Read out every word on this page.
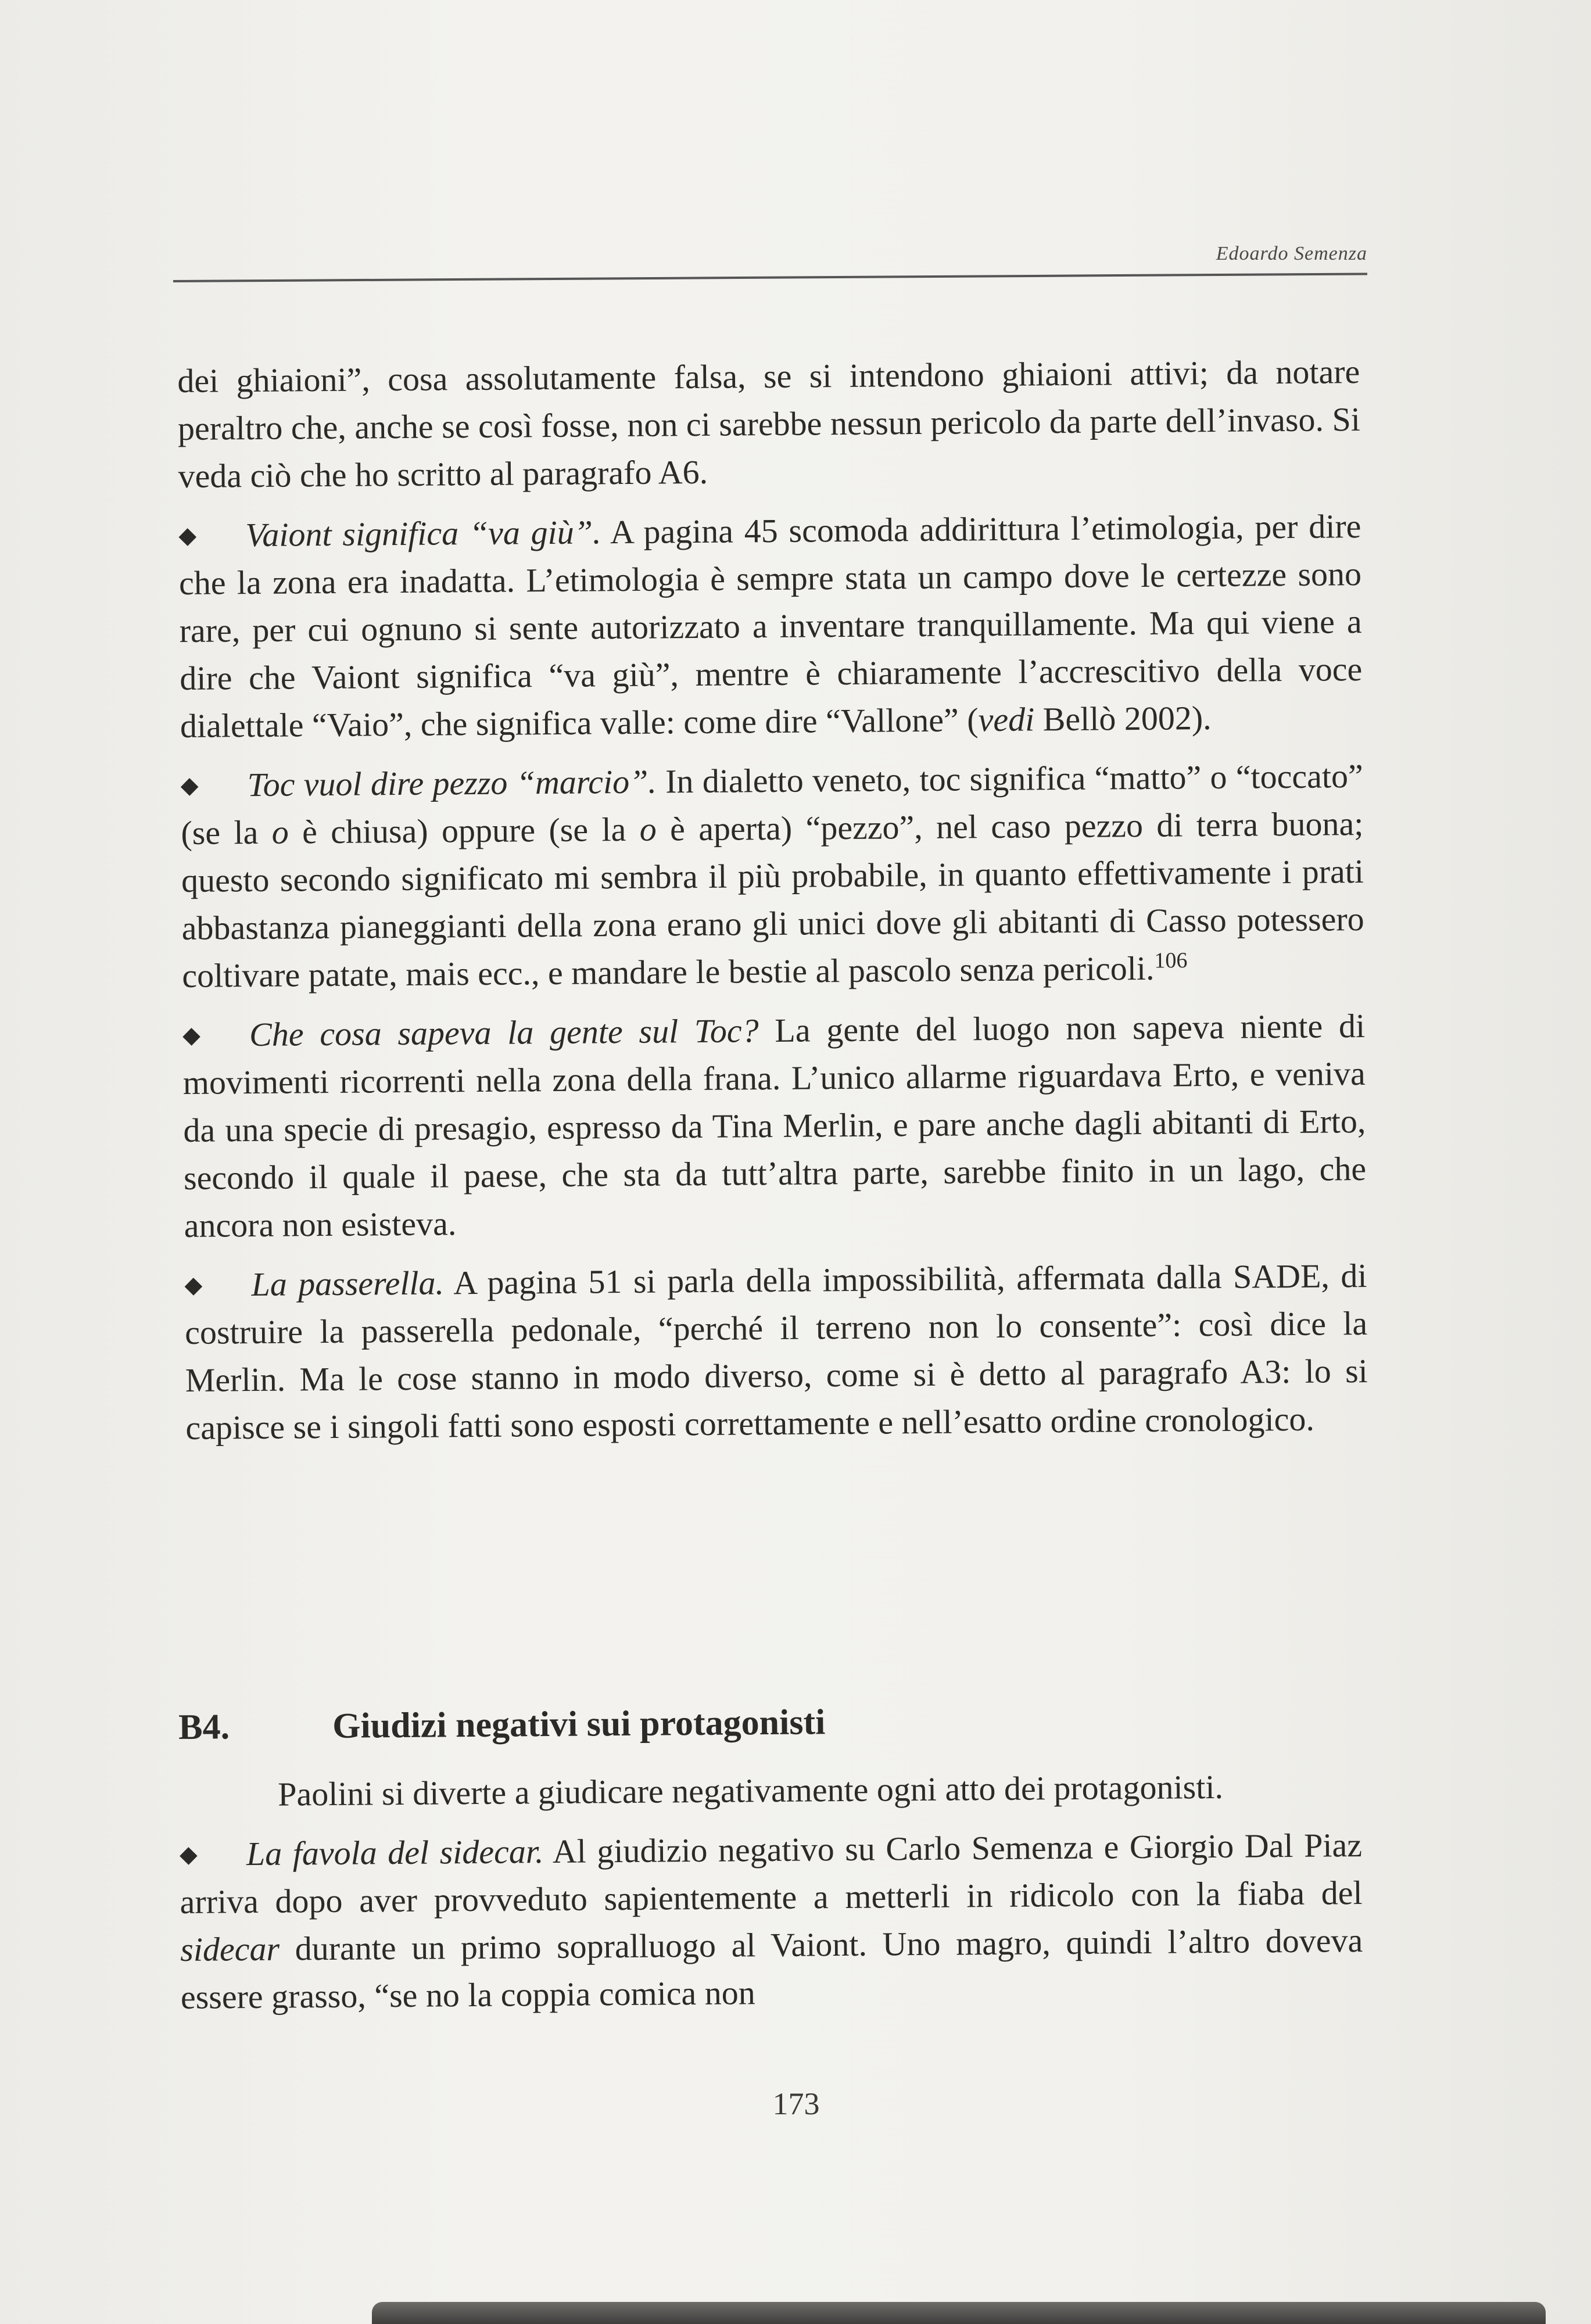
Edoardo Semenza

dei ghiaioni”, cosa assolutamente falsa, se si intendono ghiaioni attivi; da notare peraltro che, anche se così fosse, non ci sarebbe nessun pericolo da parte dell’invaso. Si veda ciò che ho scritto al paragrafo A6.

◆ Vaiont significa “va giù”. A pagina 45 scomoda addirittura l’etimologia, per dire che la zona era inadatta. L’etimologia è sempre stata un campo dove le certezze sono rare, per cui ognuno si sente autorizzato a inventare tranquillamente. Ma qui viene a dire che Vaiont significa “va giù”, mentre è chiaramente l’accrescitivo della voce dialettale “Vaio”, che significa valle: come dire “Vallone” (vedi Bellò 2002).

◆ Toc vuol dire pezzo “marcio”. In dialetto veneto, toc significa “matto” o “toccato” (se la o è chiusa) oppure (se la o è aperta) “pezzo”, nel caso pezzo di terra buona; questo secondo significato mi sembra il più probabile, in quanto effettivamente i prati abbastanza pianeggianti della zona erano gli unici dove gli abitanti di Casso potessero coltivare patate, mais ecc., e mandare le bestie al pascolo senza pericoli.$^{106}$

◆ Che cosa sapeva la gente sul Toc? La gente del luogo non sapeva niente di movimenti ricorrenti nella zona della frana. L’unico allarme riguardava Erto, e veniva da una specie di presagio, espresso da Tina Merlin, e pare anche dagli abitanti di Erto, secondo il quale il paese, che sta da tutt’altra parte, sarebbe finito in un lago, che ancora non esisteva.

◆ La passerella. A pagina 51 si parla della impossibilità, affermata dalla SADE, di costruire la passerella pedonale, “perché il terreno non lo consente”: così dice la Merlin. Ma le cose stanno in modo diverso, come si è detto al paragrafo A3: lo si capisce se i singoli fatti sono esposti correttamente e nell’esatto ordine cronologico.

B4.	Giudizi negativi sui protagonisti

Paolini si diverte a giudicare negativamente ogni atto dei protagonisti.

◆ La favola del sidecar. Al giudizio negativo su Carlo Semenza e Giorgio Dal Piaz arriva dopo aver provveduto sapientemente a metterli in ridicolo con la fiaba del sidecar durante un primo sopralluogo al Vaiont. Uno magro, quindi l’altro doveva essere grasso, “se no la coppia comica non

173
